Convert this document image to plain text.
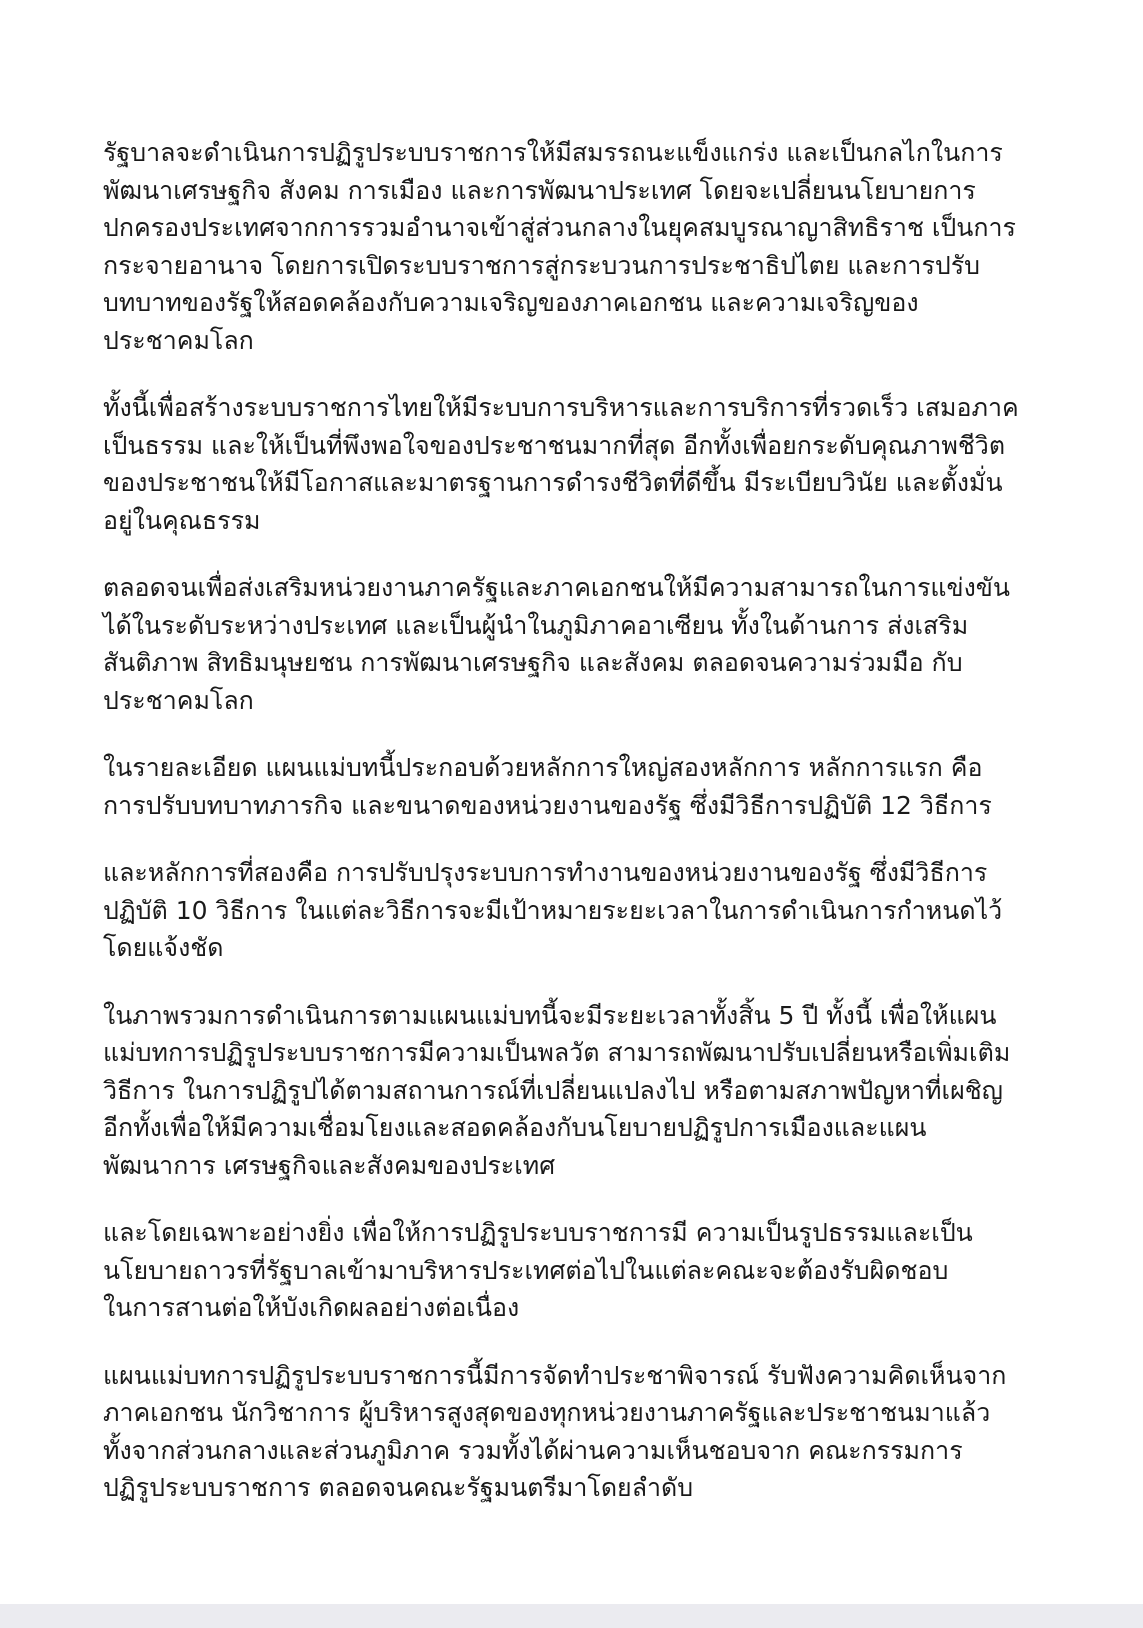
รัฐบาลจะดำเนินการปฏิรูประบบราชการให้มีสมรรถนะแข็งแกร่ง และเป็นกลไกในการ
พัฒนาเศรษฐกิจ สังคม การเมือง และการพัฒนาประเทศ โดยจะเปลี่ยนนโยบายการ
ปกครองประเทศจากการรวมอำนาจเข้าสู่ส่วนกลางในยุคสมบูรณาญาสิทธิราช เป็นการ
กระจายอานาจ โดยการเปิดระบบราชการสู่กระบวนการประชาธิปไตย และการปรับ
บทบาทของรัฐให้สอดคล้องกับความเจริญของภาคเอกชน และความเจริญของ
ประชาคมโลก

ทั้งนี้เพื่อสร้างระบบราชการไทยให้มีระบบการบริหารและการบริการที่รวดเร็ว เสมอภาค
เป็นธรรม และให้เป็นที่พึงพอใจของประชาชนมากที่สุด อีกทั้งเพื่อยกระดับคุณภาพชีวิต
ของประชาชนให้มีโอกาสและมาตรฐานการดำรงชีวิตที่ดีขึ้น มีระเบียบวินัย และตั้งมั่น
อยู่ในคุณธรรม

ตลอดจนเพื่อส่งเสริมหน่วยงานภาครัฐและภาคเอกชนให้มีความสามารถในการแข่งขัน
ได้ในระดับระหว่างประเทศ และเป็นผู้นำในภูมิภาคอาเซียน ทั้งในด้านการ ส่งเสริม
สันติภาพ สิทธิมนุษยชน การพัฒนาเศรษฐกิจ และสังคม ตลอดจนความร่วมมือ กับ
ประชาคมโลก

ในรายละเอียด แผนแม่บทนี้ประกอบด้วยหลักการใหญ่สองหลักการ หลักการแรก คือ
การปรับบทบาทภารกิจ และขนาดของหน่วยงานของรัฐ ซึ่งมีวิธีการปฏิบัติ 12 วิธีการ

และหลักการที่สองคือ การปรับปรุงระบบการทำงานของหน่วยงานของรัฐ ซึ่งมีวิธีการ
ปฏิบัติ 10 วิธีการ ในแต่ละวิธีการจะมีเป้าหมายระยะเวลาในการดำเนินการกำหนดไว้
โดยแจ้งชัด

ในภาพรวมการดำเนินการตามแผนแม่บทนี้จะมีระยะเวลาทั้งสิ้น 5 ปี ทั้งนี้ เพื่อให้แผน
แม่บทการปฏิรูประบบราชการมีความเป็นพลวัต สามารถพัฒนาปรับเปลี่ยนหรือเพิ่มเติม
วิธีการ ในการปฏิรูปได้ตามสถานการณ์ที่เปลี่ยนแปลงไป หรือตามสภาพปัญหาที่เผชิญ
อีกทั้งเพื่อให้มีความเชื่อมโยงและสอดคล้องกับนโยบายปฏิรูปการเมืองและแผน
พัฒนาการ เศรษฐกิจและสังคมของประเทศ

และโดยเฉพาะอย่างยิ่ง เพื่อให้การปฏิรูประบบราชการมี ความเป็นรูปธรรมและเป็น
นโยบายถาวรที่รัฐบาลเข้ามาบริหารประเทศต่อไปในแต่ละคณะจะต้องรับผิดชอบ
ในการสานต่อให้บังเกิดผลอย่างต่อเนื่อง

แผนแม่บทการปฏิรูประบบราชการนี้มีการจัดทำประชาพิจารณ์ รับฟังความคิดเห็นจาก
ภาคเอกชน นักวิชาการ ผู้บริหารสูงสุดของทุกหน่วยงานภาครัฐและประชาชนมาแล้ว
ทั้งจากส่วนกลางและส่วนภูมิภาค รวมทั้งได้ผ่านความเห็นชอบจาก คณะกรรมการ
ปฏิรูประบบราชการ ตลอดจนคณะรัฐมนตรีมาโดยลำดับ
